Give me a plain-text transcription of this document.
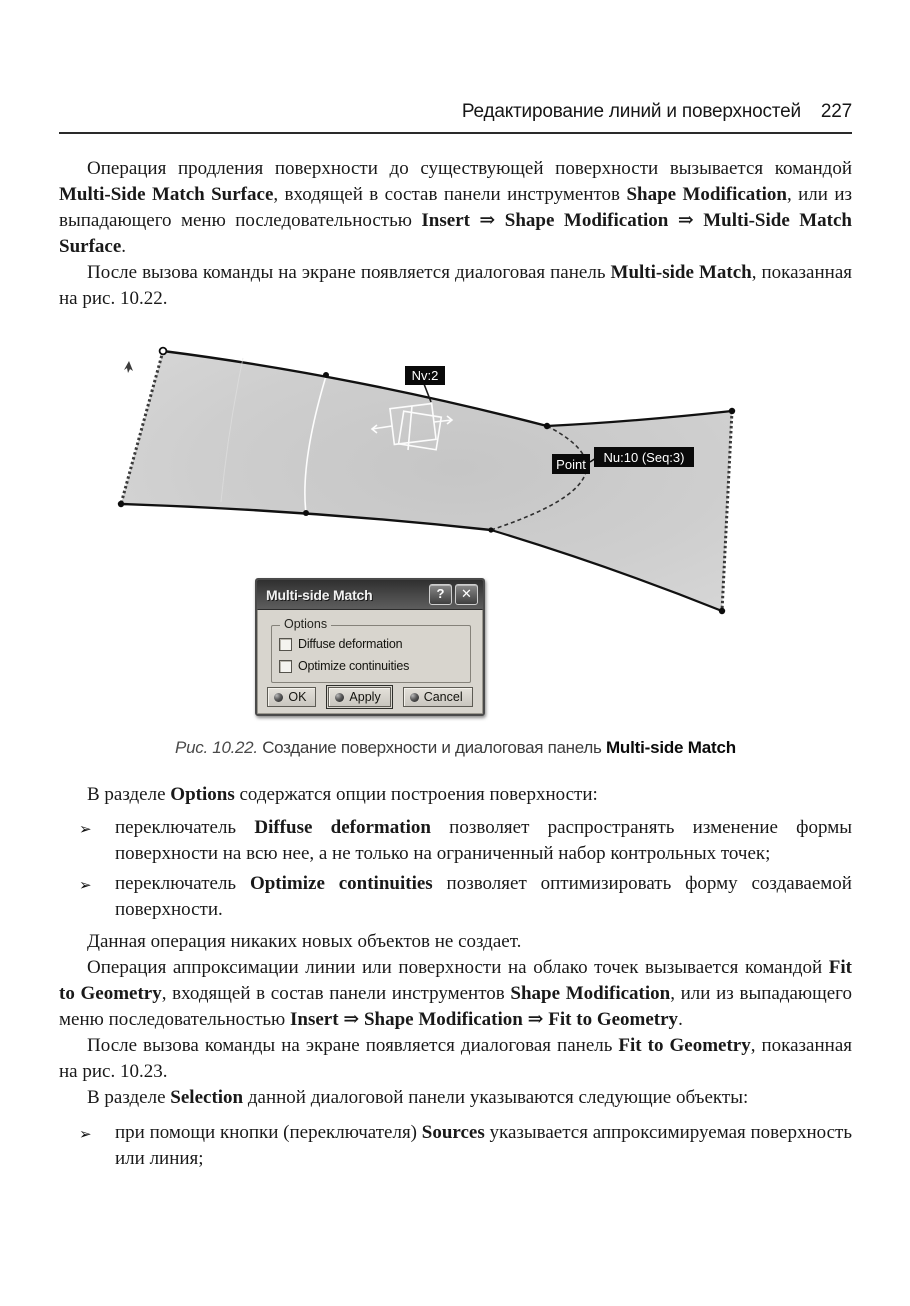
Редактирование линий и поверхностей 227

Операция продления поверхности до существующей поверхности вызывается командой Multi-Side Match Surface, входящей в состав панели инструментов Shape Modification, или из выпадающего меню последовательностью Insert ⇒ Shape Modification ⇒ Multi-Side Match Surface.

После вызова команды на экране появляется диалоговая панель Multi-side Match, показанная на рис. 10.22.

Nv:2
Point Nu:10 (Seq:3)
Multi-side Match	?	✕
Options
Diffuse deformation
Optimize continuities
OK	Apply	Cancel
Рис. 10.22. Создание поверхности и диалоговая панель Multi-side Match

В разделе Options содержатся опции построения поверхности:

➢	переключатель Diffuse deformation позволяет распространять изменение формы поверхности на всю нее, а не только на ограниченный набор контрольных точек;
➢	переключатель Optimize continuities позволяет оптимизировать форму создаваемой поверхности.

Данная операция никаких новых объектов не создает.

Операция аппроксимации линии или поверхности на облако точек вызывается командой Fit to Geometry, входящей в состав панели инструментов Shape Modification, или из выпадающего меню последовательностью Insert ⇒ Shape Modification ⇒ Fit to Geometry.

После вызова команды на экране появляется диалоговая панель Fit to Geometry, показанная на рис. 10.23.

В разделе Selection данной диалоговой панели указываются следующие объекты:

➢	при помощи кнопки (переключателя) Sources указывается аппроксимируемая поверхность или линия;
